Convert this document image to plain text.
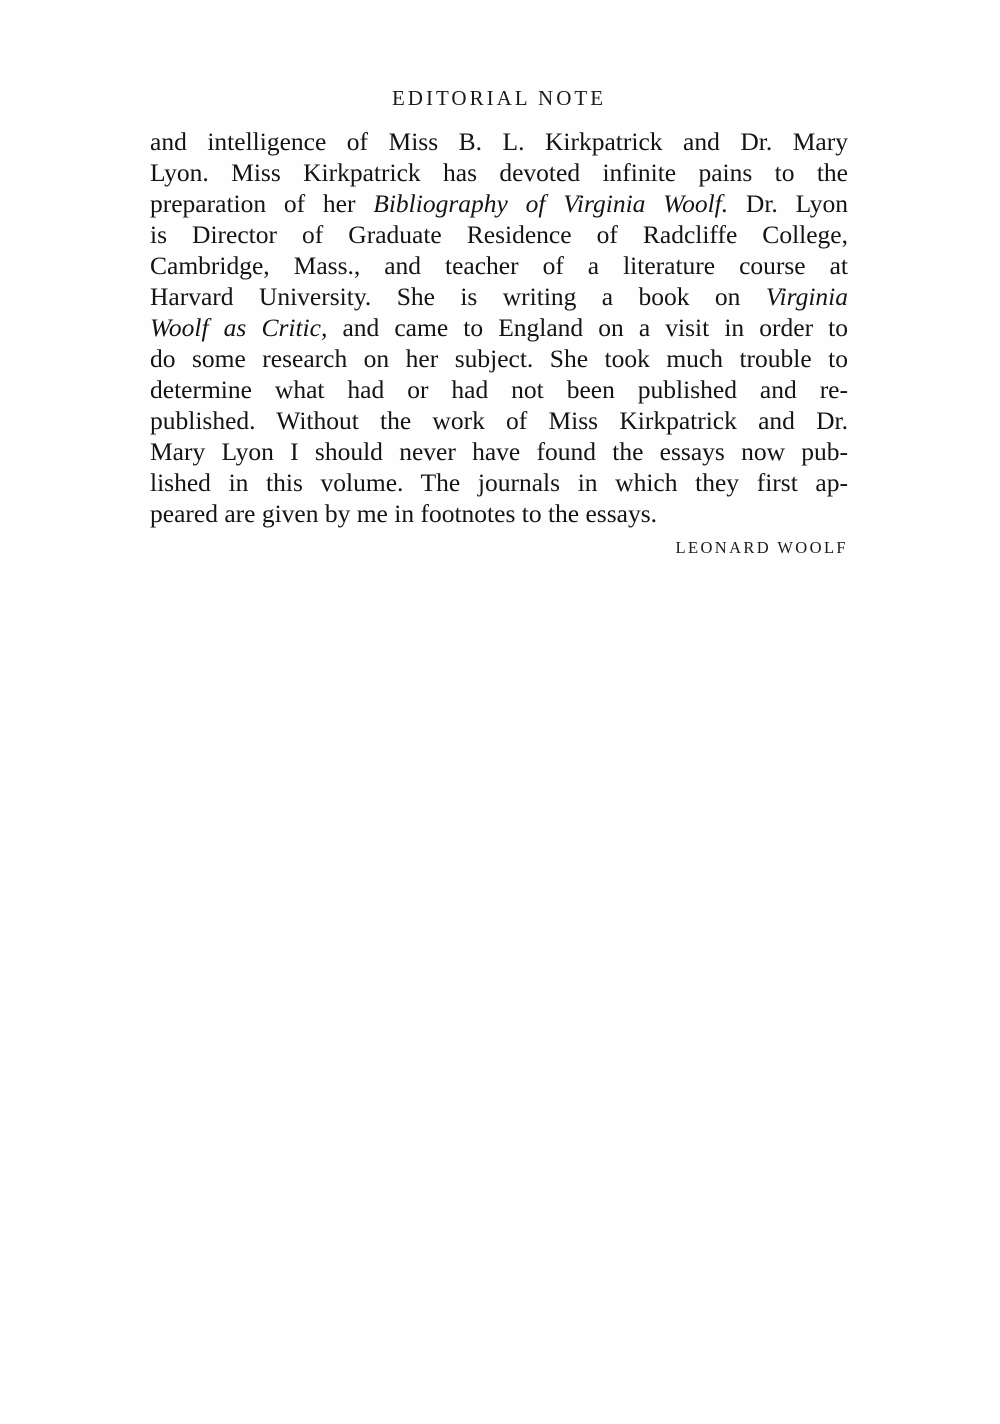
EDITORIAL NOTE
and intelligence of Miss B. L. Kirkpatrick and Dr. Mary
Lyon. Miss Kirkpatrick has devoted infinite pains to the
preparation of her Bibliography of Virginia Woolf. Dr. Lyon
is Director of Graduate Residence of Radcliffe College,
Cambridge, Mass., and teacher of a literature course at
Harvard University. She is writing a book on Virginia
Woolf as Critic, and came to England on a visit in order to
do some research on her subject. She took much trouble to
determine what had or had not been published and re-
published. Without the work of Miss Kirkpatrick and Dr.
Mary Lyon I should never have found the essays now pub-
lished in this volume. The journals in which they first ap-
peared are given by me in footnotes to the essays.
LEONARD WOOLF
